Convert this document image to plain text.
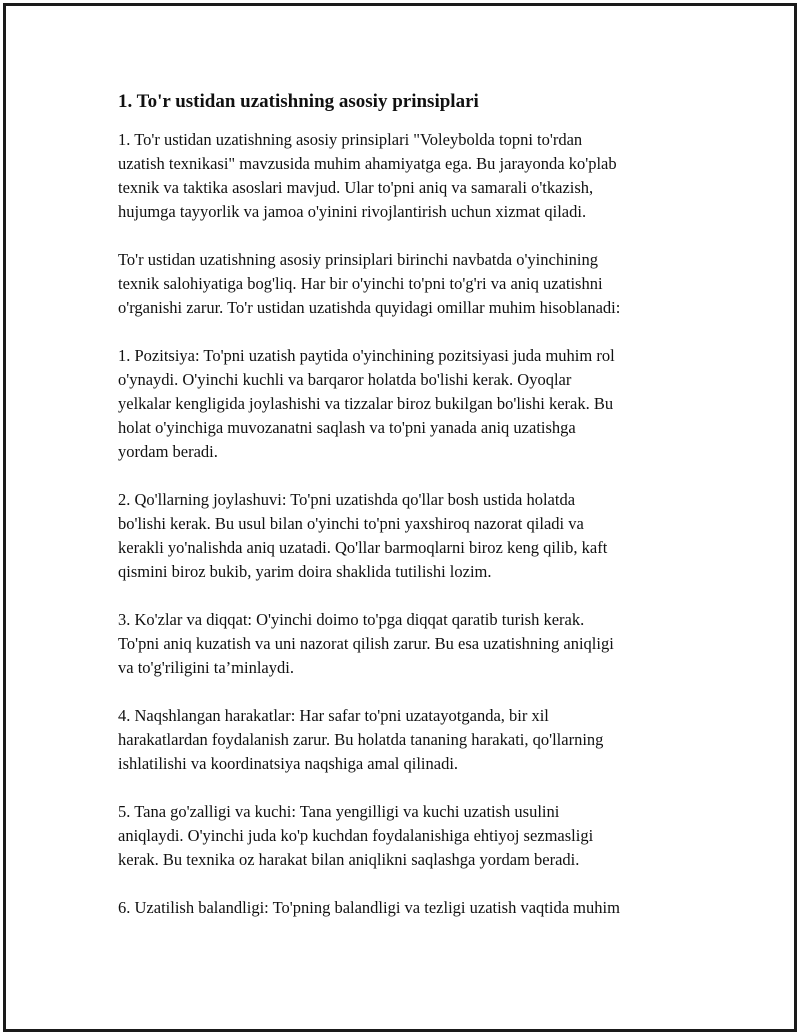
1. To'r ustidan uzatishning asosiy prinsiplari
1. To'r ustidan uzatishning asosiy prinsiplari "Voleybolda topni to'rdan
uzatish texnikasi" mavzusida muhim ahamiyatga ega. Bu jarayonda ko'plab
texnik va taktika asoslari mavjud. Ular to'pni aniq va samarali o'tkazish,
hujumga tayyorlik va jamoa o'yinini rivojlantirish uchun xizmat qiladi.
To'r ustidan uzatishning asosiy prinsiplari birinchi navbatda o'yinchining
texnik salohiyatiga bog'liq. Har bir o'yinchi to'pni to'g'ri va aniq uzatishni
o'rganishi zarur. To'r ustidan uzatishda quyidagi omillar muhim hisoblanadi:
1. Pozitsiya: To'pni uzatish paytida o'yinchining pozitsiyasi juda muhim rol
o'ynaydi. O'yinchi kuchli va barqaror holatda bo'lishi kerak. Oyoqlar
yelkalar kengligida joylashishi va tizzalar biroz bukilgan bo'lishi kerak. Bu
holat o'yinchiga muvozanatni saqlash va to'pni yanada aniq uzatishga
yordam beradi.
2. Qo'llarning joylashuvi: To'pni uzatishda qo'llar bosh ustida holatda
bo'lishi kerak. Bu usul bilan o'yinchi to'pni yaxshiroq nazorat qiladi va
kerakli yo'nalishda aniq uzatadi. Qo'llar barmoqlarni biroz keng qilib, kaft
qismini biroz bukib, yarim doira shaklida tutilishi lozim.
3. Ko'zlar va diqqat: O'yinchi doimo to'pga diqqat qaratib turish kerak.
To'pni aniq kuzatish va uni nazorat qilish zarur. Bu esa uzatishning aniqligi
va to'g'riligini ta’minlaydi.
4. Naqshlangan harakatlar: Har safar to'pni uzatayotganda, bir xil
harakatlardan foydalanish zarur. Bu holatda tananing harakati, qo'llarning
ishlatilishi va koordinatsiya naqshiga amal qilinadi.
5. Tana go'zalligi va kuchi: Tana yengilligi va kuchi uzatish usulini
aniqlaydi. O'yinchi juda ko'p kuchdan foydalanishiga ehtiyoj sezmasligi
kerak. Bu texnika oz harakat bilan aniqlikni saqlashga yordam beradi.
6. Uzatilish balandligi: To'pning balandligi va tezligi uzatish vaqtida muhim
